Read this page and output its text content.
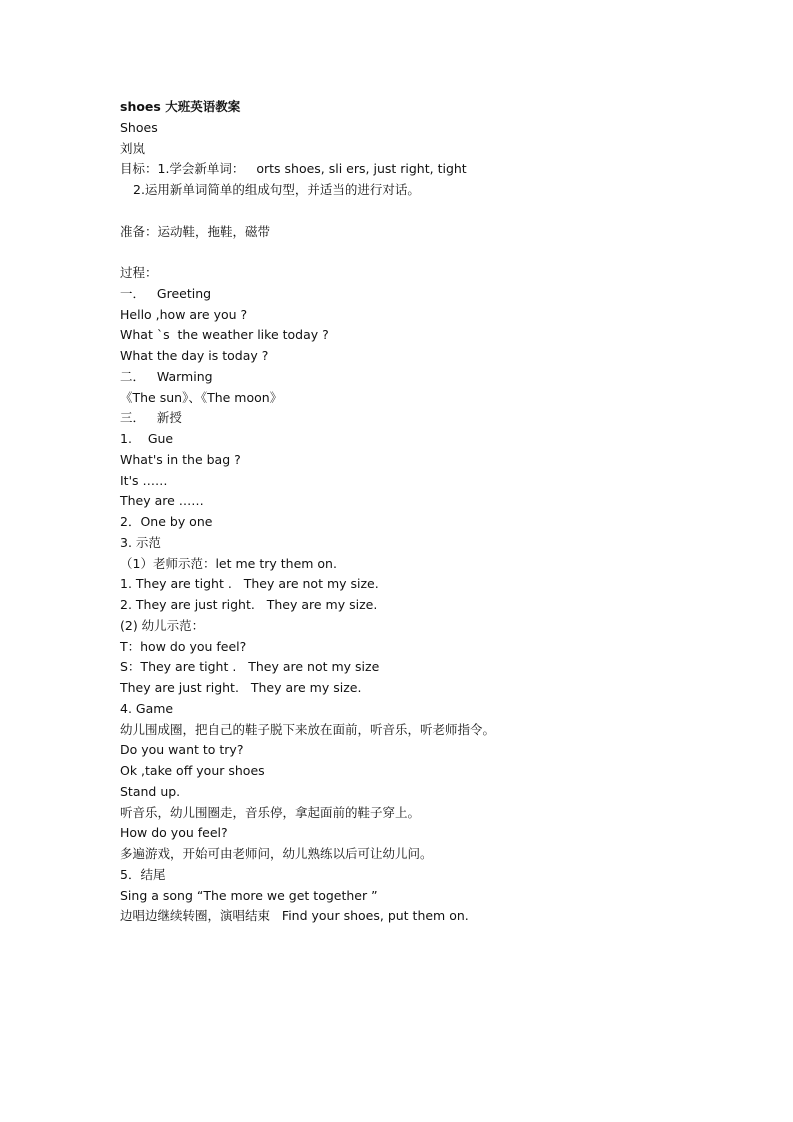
shoes 大班英语教案
Shoes
刘岚
目标：1.学会新单词：   orts shoes, sli ers, just right, tight
2.运用新单词简单的组成句型，并适当的进行对话。
准备：运动鞋，拖鞋，磁带
过程：
一．   Greeting
Hello ,how are you ?
What `s  the weather like today ?
What the day is today ?
二．   Warming
《The sun》、《The moon》
三．   新授
1.    Gue
What's in the bag ?
It's ……
They are ……
2．One by one
3. 示范
（1）老师示范：let me try them on.
1. They are tight .   They are not my size.
2. They are just right.   They are my size.
(2) 幼儿示范：
T：how do you feel?
S：They are tight .   They are not my size
They are just right.   They are my size.
4. Game
幼儿围成圈，把自己的鞋子脱下来放在面前，听音乐，听老师指令。
Do you want to try?
Ok ,take off your shoes
Stand up.
听音乐，幼儿围圈走，音乐停，拿起面前的鞋子穿上。
How do you feel?
多遍游戏，开始可由老师问，幼儿熟练以后可让幼儿问。
5．结尾
Sing a song “The more we get together ”
边唱边继续转圈，演唱结束   Find your shoes, put them on.
